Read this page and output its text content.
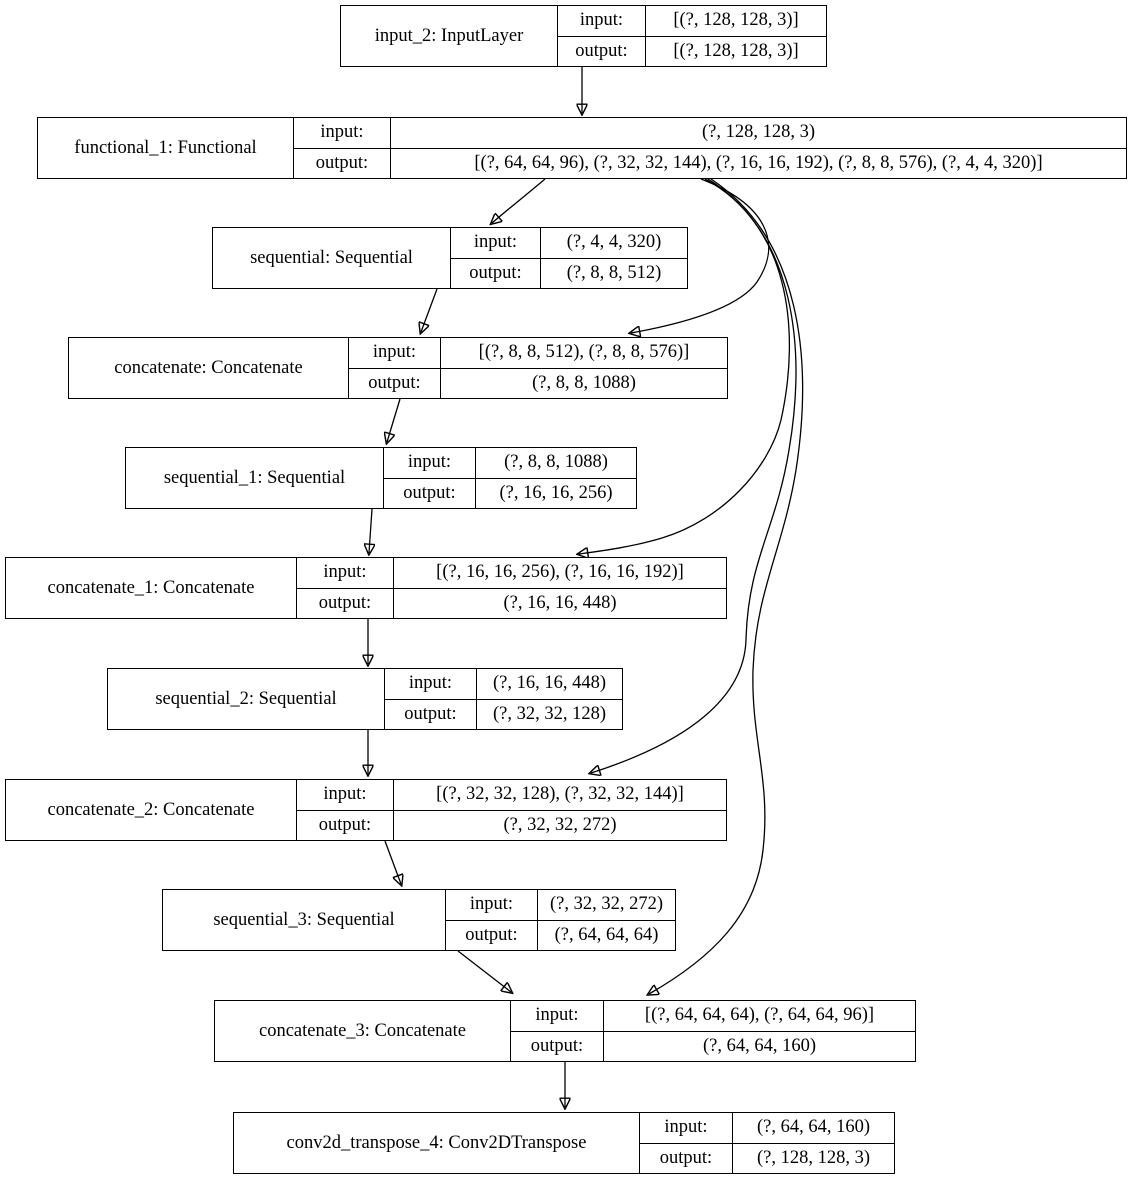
input_2: InputLayer
input:	[(?, 128, 128, 3)]
output:	[(?, 128, 128, 3)]
functional_1: Functional
input:	(?, 128, 128, 3)
output:	[(?, 64, 64, 96), (?, 32, 32, 144), (?, 16, 16, 192), (?, 8, 8, 576), (?, 4, 4, 320)]
sequential: Sequential
input:	(?, 4, 4, 320)
output:	(?, 8, 8, 512)
concatenate: Concatenate
input:	[(?, 8, 8, 512), (?, 8, 8, 576)]
output:	(?, 8, 8, 1088)
sequential_1: Sequential
input:	(?, 8, 8, 1088)
output:	(?, 16, 16, 256)
concatenate_1: Concatenate
input:	[(?, 16, 16, 256), (?, 16, 16, 192)]
output:	(?, 16, 16, 448)
sequential_2: Sequential
input:	(?, 16, 16, 448)
output:	(?, 32, 32, 128)
concatenate_2: Concatenate
input:	[(?, 32, 32, 128), (?, 32, 32, 144)]
output:	(?, 32, 32, 272)
sequential_3: Sequential
input:	(?, 32, 32, 272)
output:	(?, 64, 64, 64)
concatenate_3: Concatenate
input:	[(?, 64, 64, 64), (?, 64, 64, 96)]
output:	(?, 64, 64, 160)
conv2d_transpose_4: Conv2DTranspose
input:	(?, 64, 64, 160)
output:	(?, 128, 128, 3)
